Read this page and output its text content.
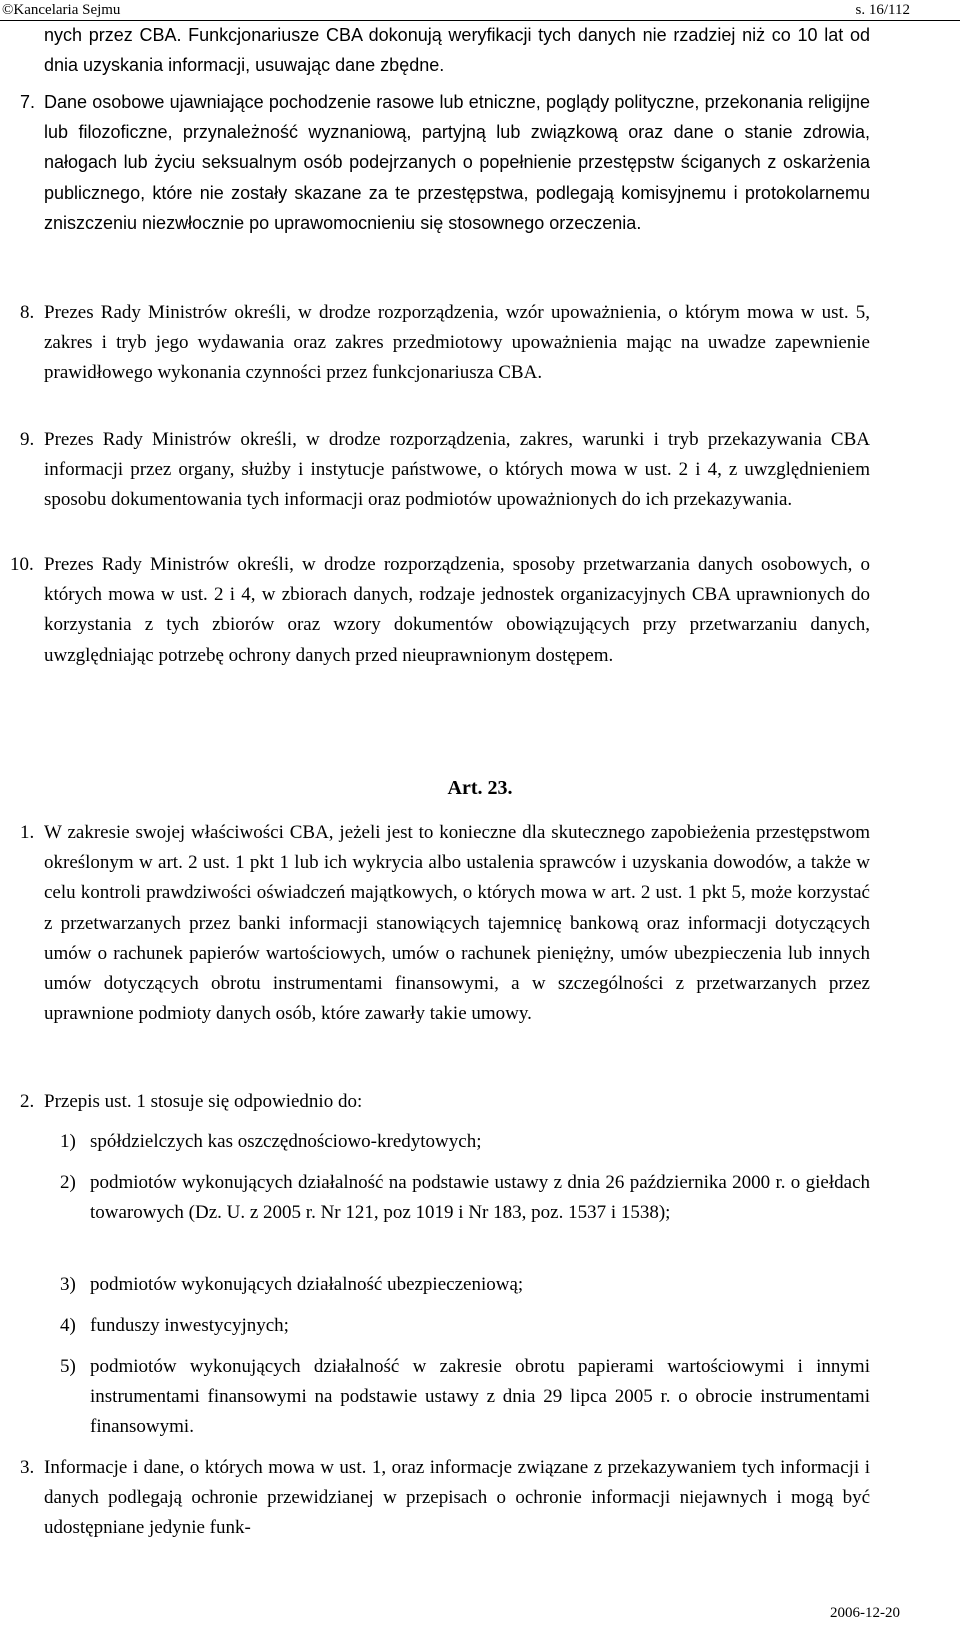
©Kancelaria Sejmu	s. 16/112
nych przez CBA. Funkcjonariusze CBA dokonują weryfikacji tych danych nie rzadziej niż co 10 lat od dnia uzyskania informacji, usuwając dane zbędne.
7. Dane osobowe ujawniające pochodzenie rasowe lub etniczne, poglądy polityczne, przekonania religijne lub filozoficzne, przynależność wyznaniową, partyjną lub związkową oraz dane o stanie zdrowia, nałogach lub życiu seksualnym osób podejrzanych o popełnienie przestępstw ściganych z oskarżenia publicznego, które nie zostały skazane za te przestępstwa, podlegają komisyjnemu i protokolarnemu zniszczeniu niezwłocznie po uprawomocnieniu się stosownego orzeczenia.
8. Prezes Rady Ministrów określi, w drodze rozporządzenia, wzór upoważnienia, o którym mowa w ust. 5, zakres i tryb jego wydawania oraz zakres przedmiotowy upoważnienia mając na uwadze zapewnienie prawidłowego wykonania czynności przez funkcjonariusza CBA.
9. Prezes Rady Ministrów określi, w drodze rozporządzenia, zakres, warunki i tryb przekazywania CBA informacji przez organy, służby i instytucje państwowe, o których mowa w ust. 2 i 4, z uwzględnieniem sposobu dokumentowania tych informacji oraz podmiotów upoważnionych do ich przekazywania.
10. Prezes Rady Ministrów określi, w drodze rozporządzenia, sposoby przetwarzania danych osobowych, o których mowa w ust. 2 i 4, w zbiorach danych, rodzaje jednostek organizacyjnych CBA uprawnionych do korzystania z tych zbiorów oraz wzory dokumentów obowiązujących przy przetwarzaniu danych, uwzględniając potrzebę ochrony danych przed nieuprawnionym dostępem.
Art. 23.
1. W zakresie swojej właściwości CBA, jeżeli jest to konieczne dla skutecznego zapobieżenia przestępstwom określonym w art. 2 ust. 1 pkt 1 lub ich wykrycia albo ustalenia sprawców i uzyskania dowodów, a także w celu kontroli prawdziwości oświadczeń majątkowych, o których mowa w art. 2 ust. 1 pkt 5, może korzystać z przetwarzanych przez banki informacji stanowiących tajemnicę bankową oraz informacji dotyczących umów o rachunek papierów wartościowych, umów o rachunek pieniężny, umów ubezpieczenia lub innych umów dotyczących obrotu instrumentami finansowymi, a w szczególności z przetwarzanych przez uprawnione podmioty danych osób, które zawarły takie umowy.
2. Przepis ust. 1 stosuje się odpowiednio do:
1) spółdzielczych kas oszczędnościowo-kredytowych;
2) podmiotów wykonujących działalność na podstawie ustawy z dnia 26 października 2000 r. o giełdach towarowych (Dz. U. z 2005 r. Nr 121, poz 1019 i Nr 183, poz. 1537 i 1538);
3) podmiotów wykonujących działalność ubezpieczeniową;
4) funduszy inwestycyjnych;
5) podmiotów wykonujących działalność w zakresie obrotu papierami wartościowymi i innymi instrumentami finansowymi na podstawie ustawy z dnia 29 lipca 2005 r. o obrocie instrumentami finansowymi.
3. Informacje i dane, o których mowa w ust. 1, oraz informacje związane z przekazywaniem tych informacji i danych podlegają ochronie przewidzianej w przepisach o ochronie informacji niejawnych i mogą być udostępniane jedynie funk-
2006-12-20
